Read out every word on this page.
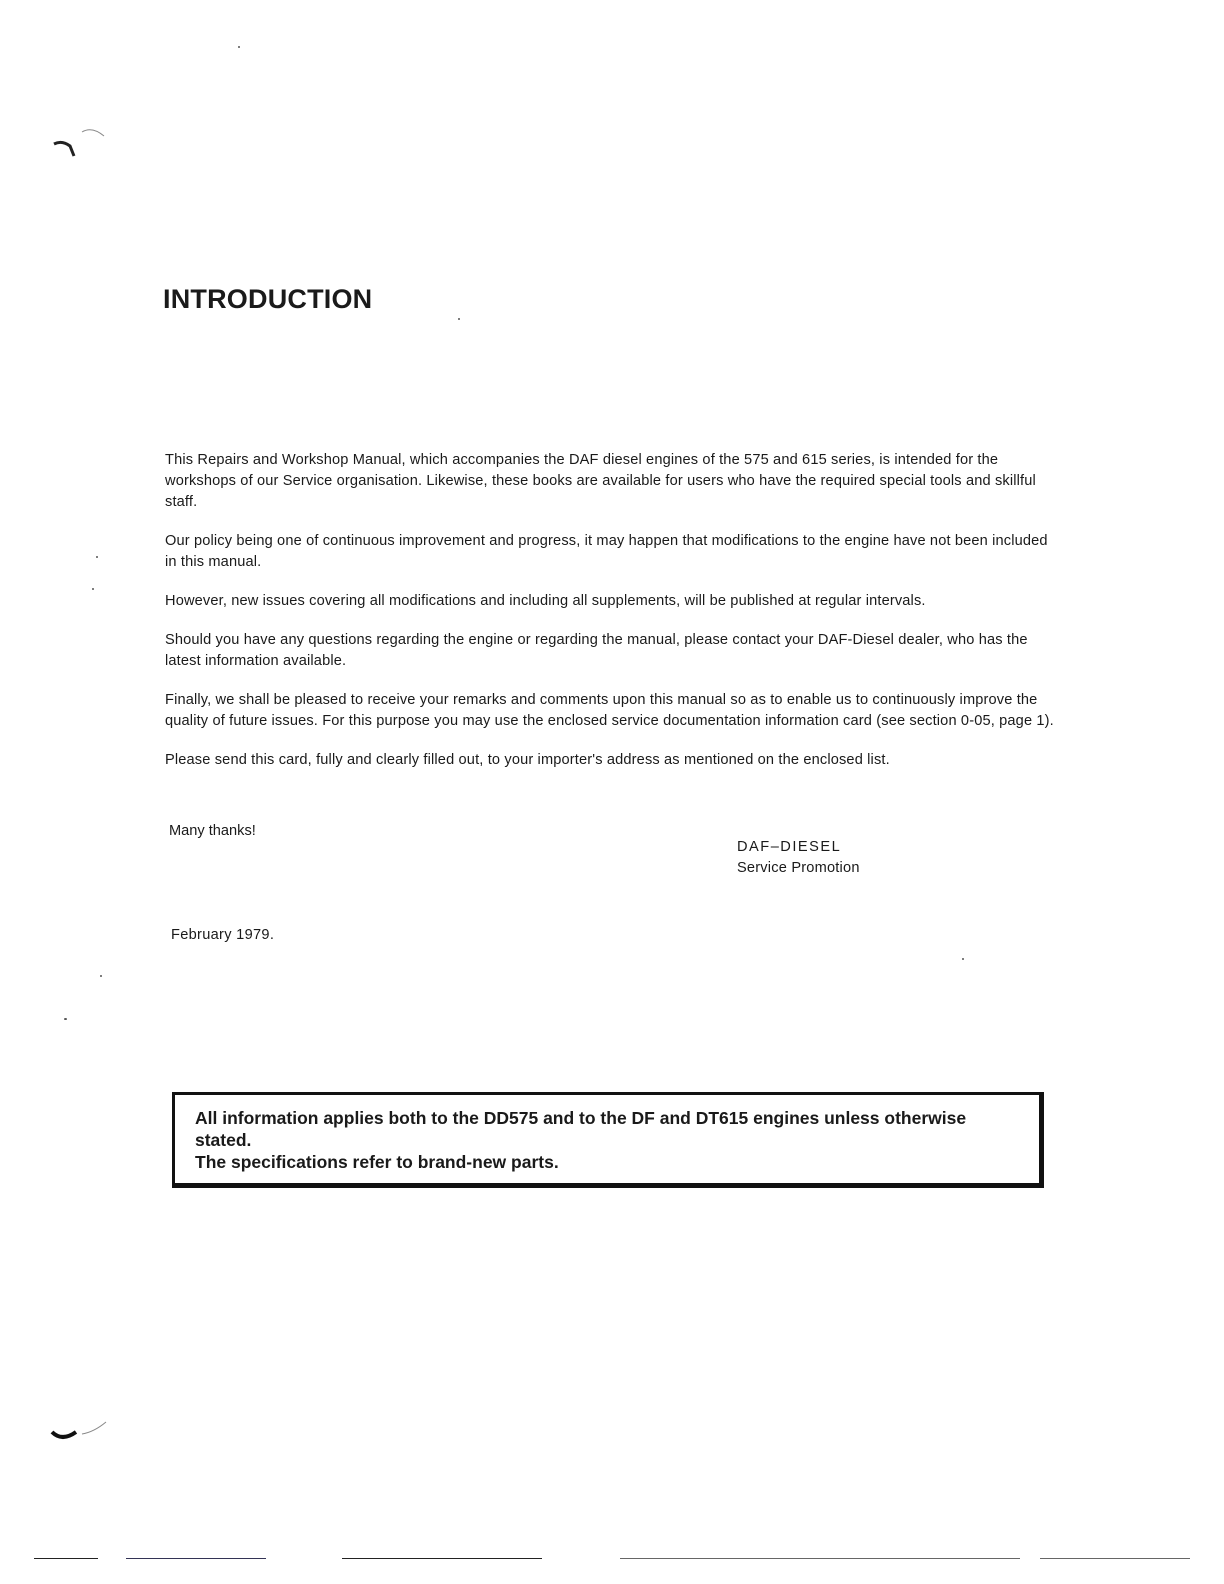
INTRODUCTION

This Repairs and Workshop Manual, which accompanies the DAF diesel engines of the 575 and 615 series, is intended for the workshops of our Service organisation. Likewise, these books are available for users who have the required special tools and skillful staff.

Our policy being one of continuous improvement and progress, it may happen that modifications to the engine have not been included in this manual.

However, new issues covering all modifications and including all supplements, will be published at regular intervals.

Should you have any questions regarding the engine or regarding the manual, please contact your DAF-Diesel dealer, who has the latest information available.

Finally, we shall be pleased to receive your remarks and comments upon this manual so as to enable us to continuously improve the quality of future issues. For this purpose you may use the enclosed service documentation information card (see section 0-05, page 1).

Please send this card, fully and clearly filled out, to your importer's address as mentioned on the enclosed list.

Many thanks!

DAF–DIESEL
Service Promotion

February 1979.

All information applies both to the DD575 and to the DF and DT615 engines unless otherwise stated.
The specifications refer to brand-new parts.
